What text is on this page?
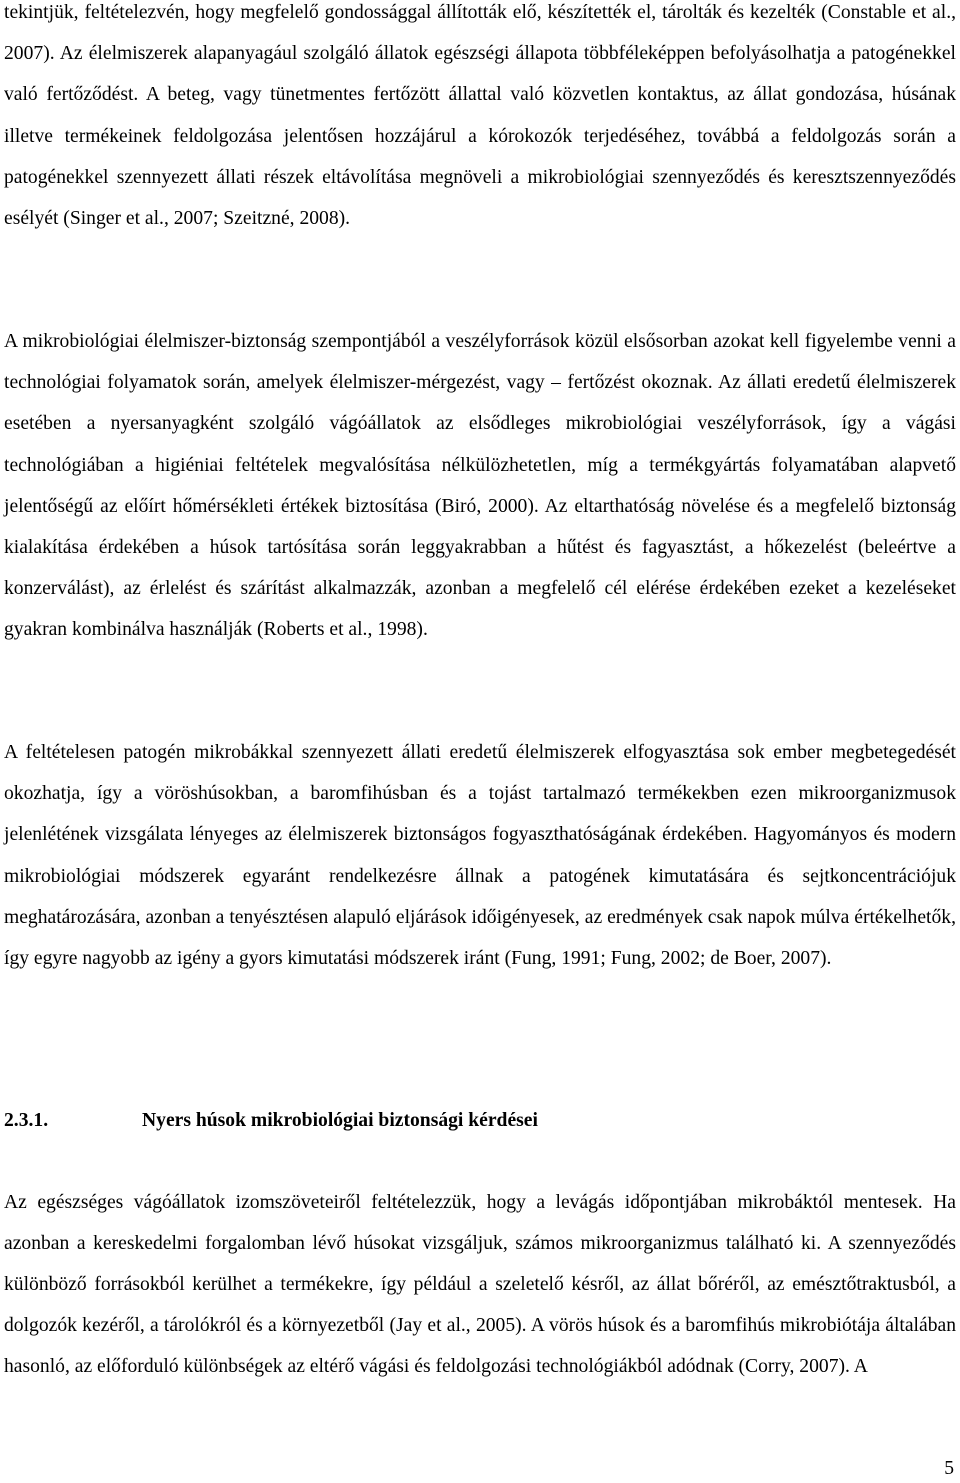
tekintjük, feltételezvén, hogy megfelelő gondossággal állították elő, készítették el, tárolták és kezelték (Constable et al., 2007). Az élelmiszerek alapanyagául szolgáló állatok egészségi állapota többféleképpen befolyásolhatja a patogénekkel való fertőződést. A beteg, vagy tünetmentes fertőzött állattal való közvetlen kontaktus, az állat gondozása, húsának illetve termékeinek feldolgozása jelentősen hozzájárul a kórokozók terjedéséhez, továbbá a feldolgozás során a patogénekkel szennyezett állati részek eltávolítása megnöveli a mikrobiológiai szennyeződés és keresztszennyeződés esélyét (Singer et al., 2007; Szeitzné, 2008).

A mikrobiológiai élelmiszer-biztonság szempontjából a veszélyforrások közül elsősorban azokat kell figyelembe venni a technológiai folyamatok során, amelyek élelmiszer-mérgezést, vagy – fertőzést okoznak. Az állati eredetű élelmiszerek esetében a nyersanyagként szolgáló vágóállatok az elsődleges mikrobiológiai veszélyforrások, így a vágási technológiában a higiéniai feltételek megvalósítása nélkülözhetetlen, míg a termékgyártás folyamatában alapvető jelentőségű az előírt hőmérsékleti értékek biztosítása (Biró, 2000). Az eltarthatóság növelése és a megfelelő biztonság kialakítása érdekében a húsok tartósítása során leggyakrabban a hűtést és fagyasztást, a hőkezelést (beleértve a konzerválást), az érlelést és szárítást alkalmazzák, azonban a megfelelő cél elérése érdekében ezeket a kezeléseket gyakran kombinálva használják (Roberts et al., 1998).

A feltételesen patogén mikrobákkal szennyezett állati eredetű élelmiszerek elfogyasztása sok ember megbetegedését okozhatja, így a vöröshúsokban, a baromfihúsban és a tojást tartalmazó termékekben ezen mikroorganizmusok jelenlétének vizsgálata lényeges az élelmiszerek biztonságos fogyaszthatóságának érdekében. Hagyományos és modern mikrobiológiai módszerek egyaránt rendelkezésre állnak a patogének kimutatására és sejtkoncentrációjuk meghatározására, azonban a tenyésztésen alapuló eljárások időigényesek, az eredmények csak napok múlva értékelhetők, így egyre nagyobb az igény a gyors kimutatási módszerek iránt (Fung, 1991; Fung, 2002; de Boer, 2007).

2.3.1.	Nyers húsok mikrobiológiai biztonsági kérdései

Az egészséges vágóállatok izomszöveteiről feltételezzük, hogy a levágás időpontjában mikrobáktól mentesek. Ha azonban a kereskedelmi forgalomban lévő húsokat vizsgáljuk, számos mikroorganizmus található ki. A szennyeződés különböző forrásokból kerülhet a termékekre, így például a szeletelő késről, az állat bőréről, az emésztőtraktusból, a dolgozók kezéről, a tárolókról és a környezetből (Jay et al., 2005). A vörös húsok és a baromfihús mikrobiótája általában hasonló, az előforduló különbségek az eltérő vágási és feldolgozási technológiákból adódnak (Corry, 2007). A

5
